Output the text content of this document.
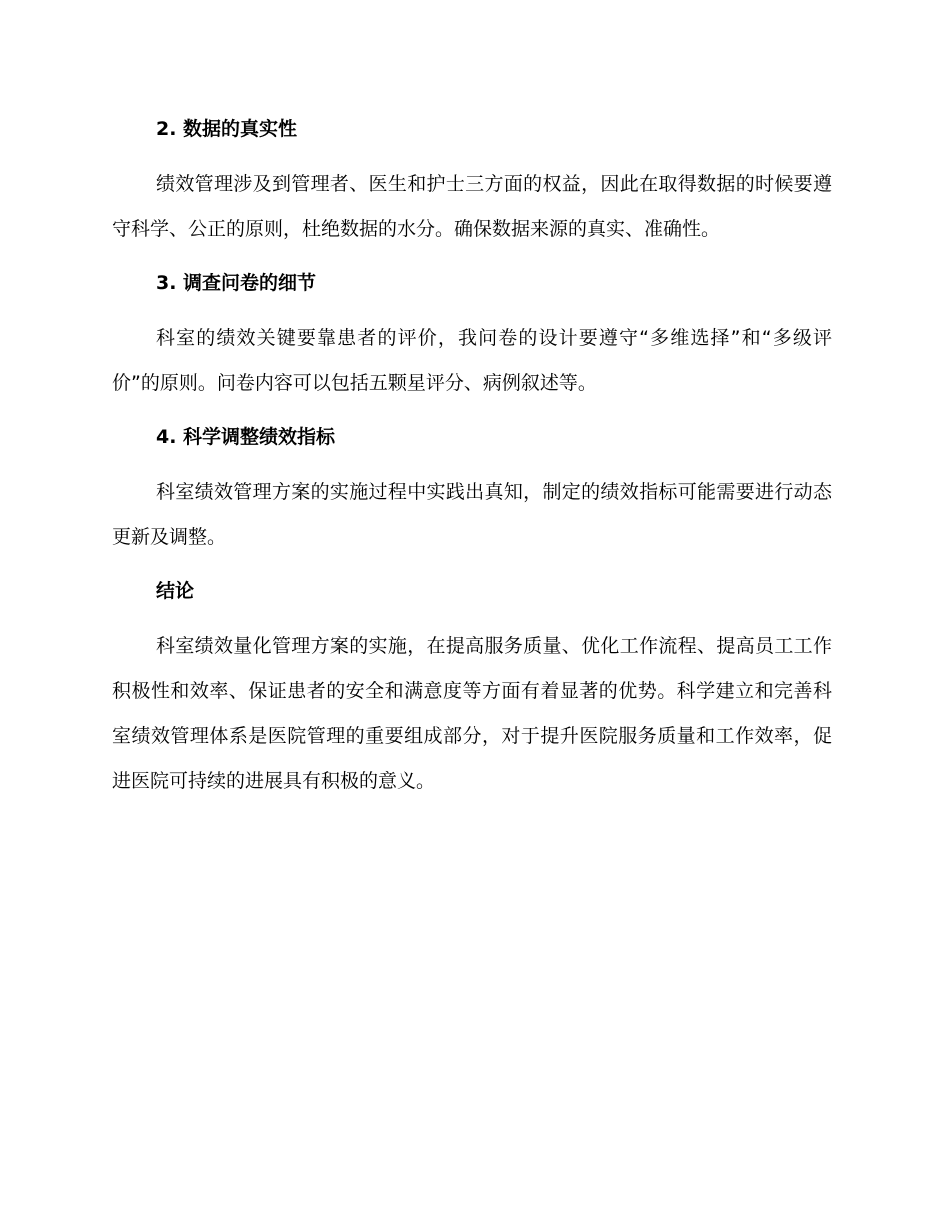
2. 数据的真实性

绩效管理涉及到管理者、医生和护士三方面的权益，因此在取得数据的时候要遵守科学、公正的原则，杜绝数据的水分。确保数据来源的真实、准确性。

3. 调查问卷的细节

科室的绩效关键要靠患者的评价，我问卷的设计要遵守“多维选择”和“多级评价”的原则。问卷内容可以包括五颗星评分、病例叙述等。

4. 科学调整绩效指标

科室绩效管理方案的实施过程中实践出真知，制定的绩效指标可能需要进行动态更新及调整。

结论

科室绩效量化管理方案的实施，在提高服务质量、优化工作流程、提高员工工作积极性和效率、保证患者的安全和满意度等方面有着显著的优势。科学建立和完善科室绩效管理体系是医院管理的重要组成部分，对于提升医院服务质量和工作效率，促进医院可持续的进展具有积极的意义。
